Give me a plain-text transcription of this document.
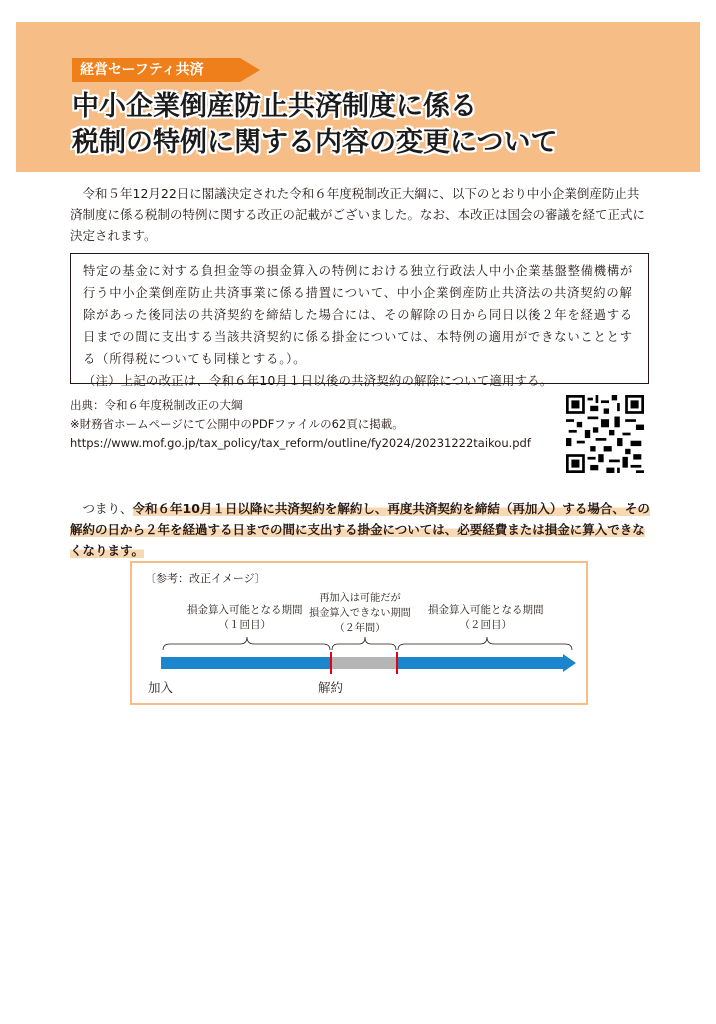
経営セーフティ共済
中小企業倒産防止共済制度に係る
税制の特例に関する内容の変更について
令和５年12月22日に閣議決定された令和６年度税制改正大綱に、以下のとおり中小企業倒産防止共済制度に係る税制の特例に関する改正の記載がございました。なお、本改正は国会の審議を経て正式に決定されます。
特定の基金に対する負担金等の損金算入の特例における独立行政法人中小企業基盤整備機構が行う中小企業倒産防止共済事業に係る措置について、中小企業倒産防止共済法の共済契約の解除があった後同法の共済契約を締結した場合には、その解除の日から同日以後２年を経過する日までの間に支出する当該共済契約に係る掛金については、本特例の適用ができないこととする（所得税についても同様とする。）。
（注）上記の改正は、令和６年10月１日以後の共済契約の解除について適用する。
出典：令和６年度税制改正の大綱
※財務省ホームページにて公開中のPDFファイルの62頁に掲載。
https://www.mof.go.jp/tax_policy/tax_reform/outline/fy2024/20231222taikou.pdf
つまり、令和６年10月１日以降に共済契約を解約し、再度共済契約を締結（再加入）する場合、その解約の日から２年を経過する日までの間に支出する掛金については、必要経費または損金に算入できなくなります。
〔参考：改正イメージ〕
損金算入可能となる期間
（１回目）
再加入は可能だが
損金算入できない期間
（２年間）
損金算入可能となる期間
（２回目）
加入	解約
